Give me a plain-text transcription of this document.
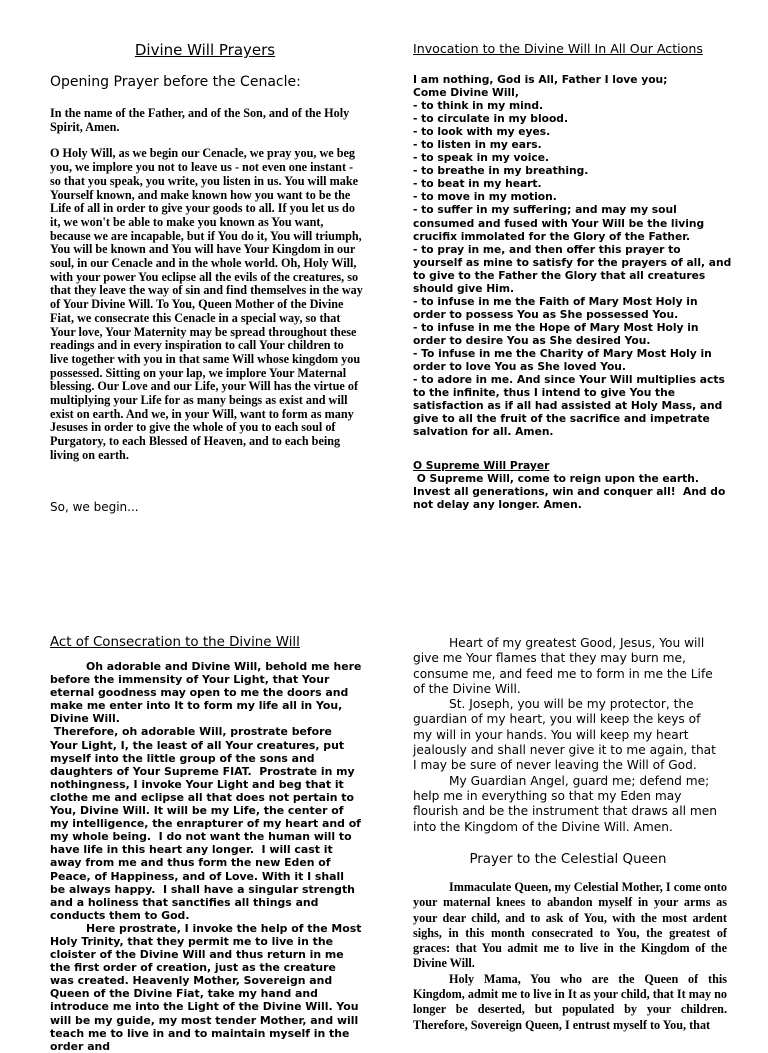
Divine Will Prayers
Opening Prayer before the Cenacle:

In the name of the Father, and of the Son, and of the Holy Spirit, Amen.

O Holy Will, as we begin our Cenacle, we pray you, we beg you, we implore you not to leave us - not even one instant - so that you speak, you write, you listen in us. You will make Yourself known, and make known how you want to be the Life of all in order to give your goods to all. If you let us do it, we won't be able to make you known as You want, because we are incapable, but if You do it, You will triumph, You will be known and You will have Your Kingdom in our soul, in our Cenacle and in the whole world. Oh, Holy Will, with your power You eclipse all the evils of the creatures, so that they leave the way of sin and find themselves in the way of Your Divine Will. To You, Queen Mother of the Divine Fiat, we consecrate this Cenacle in a special way, so that Your love, Your Maternity may be spread throughout these readings and in every inspiration to call Your children to live together with you in that same Will whose kingdom you possessed. Sitting on your lap, we implore Your Maternal blessing. Our Love and our Life, your Will has the virtue of multiplying your Life for as many beings as exist and will exist on earth. And we, in your Will, want to form as many Jesuses in order to give the whole of you to each soul of Purgatory, to each Blessed of Heaven, and to each being living on earth.

So, we begin...
Invocation to the Divine Will In All Our Actions
I am nothing, God is All, Father I love you;
Come Divine Will,
- to think in my mind.
- to circulate in my blood.
- to look with my eyes.
- to listen in my ears.
- to speak in my voice.
- to breathe in my breathing.
- to beat in my heart.
- to move in my motion.
- to suffer in my suffering; and may my soul consumed and fused with Your Will be the living crucifix immolated for the Glory of the Father.
- to pray in me, and then offer this prayer to yourself as mine to satisfy for the prayers of all, and to give to the Father the Glory that all creatures should give Him.
- to infuse in me the Faith of Mary Most Holy in order to possess You as She possessed You.
- to infuse in me the Hope of Mary Most Holy in order to desire You as She desired You.
- To infuse in me the Charity of Mary Most Holy in order to love You as She loved You.
- to adore in me. And since Your Will multiplies acts to the infinite, thus I intend to give You the satisfaction as if all had assisted at Holy Mass, and give to all the fruit of the sacrifice and impetrate salvation for all. Amen.
O Supreme Will Prayer
O Supreme Will, come to reign upon the earth. Invest all generations, win and conquer all!  And do not delay any longer. Amen.
Act of Consecration to the Divine Will

Oh adorable and Divine Will, behold me here before the immensity of Your Light, that Your eternal goodness may open to me the doors and make me enter into It to form my life all in You, Divine Will.

Therefore, oh adorable Will, prostrate before Your Light, I, the least of all Your creatures, put myself into the little group of the sons and daughters of Your Supreme FIAT.  Prostrate in my nothingness, I invoke Your Light and beg that it clothe me and eclipse all that does not pertain to You, Divine Will. It will be my Life, the center of my intelligence, the enrapturer of my heart and of my whole being.  I do not want the human will to have life in this heart any longer.  I will cast it away from me and thus form the new Eden of Peace, of Happiness, and of Love. With it I shall be always happy.  I shall have a singular strength and a holiness that sanctifies all things and conducts them to God.

Here prostrate, I invoke the help of the Most Holy Trinity, that they permit me to live in the cloister of the Divine Will and thus return in me the first order of creation, just as the creature was created. Heavenly Mother, Sovereign and Queen of the Divine Fiat, take my hand and introduce me into the Light of the Divine Will. You will be my guide, my most tender Mother, and will teach me to live in and to maintain myself in the order and

Heart of my greatest Good, Jesus, You will give me Your flames that they may burn me, consume me, and feed me to form in me the Life of the Divine Will.

St. Joseph, you will be my protector, the guardian of my heart, you will keep the keys of my will in your hands. You will keep my heart jealously and shall never give it to me again, that I may be sure of never leaving the Will of God.

My Guardian Angel, guard me; defend me; help me in everything so that my Eden may flourish and be the instrument that draws all men into the Kingdom of the Divine Will. Amen.

Prayer to the Celestial Queen

Immaculate Queen, my Celestial Mother, I come onto your maternal knees to abandon myself in your arms as your dear child, and to ask of You, with the most ardent sighs, in this month consecrated to You, the greatest of graces: that You admit me to live in the Kingdom of the Divine Will.

Holy Mama, You who are the Queen of this Kingdom, admit me to live in It as your child, that It may no longer be deserted, but populated by your children. Therefore, Sovereign Queen, I entrust myself to You, that
